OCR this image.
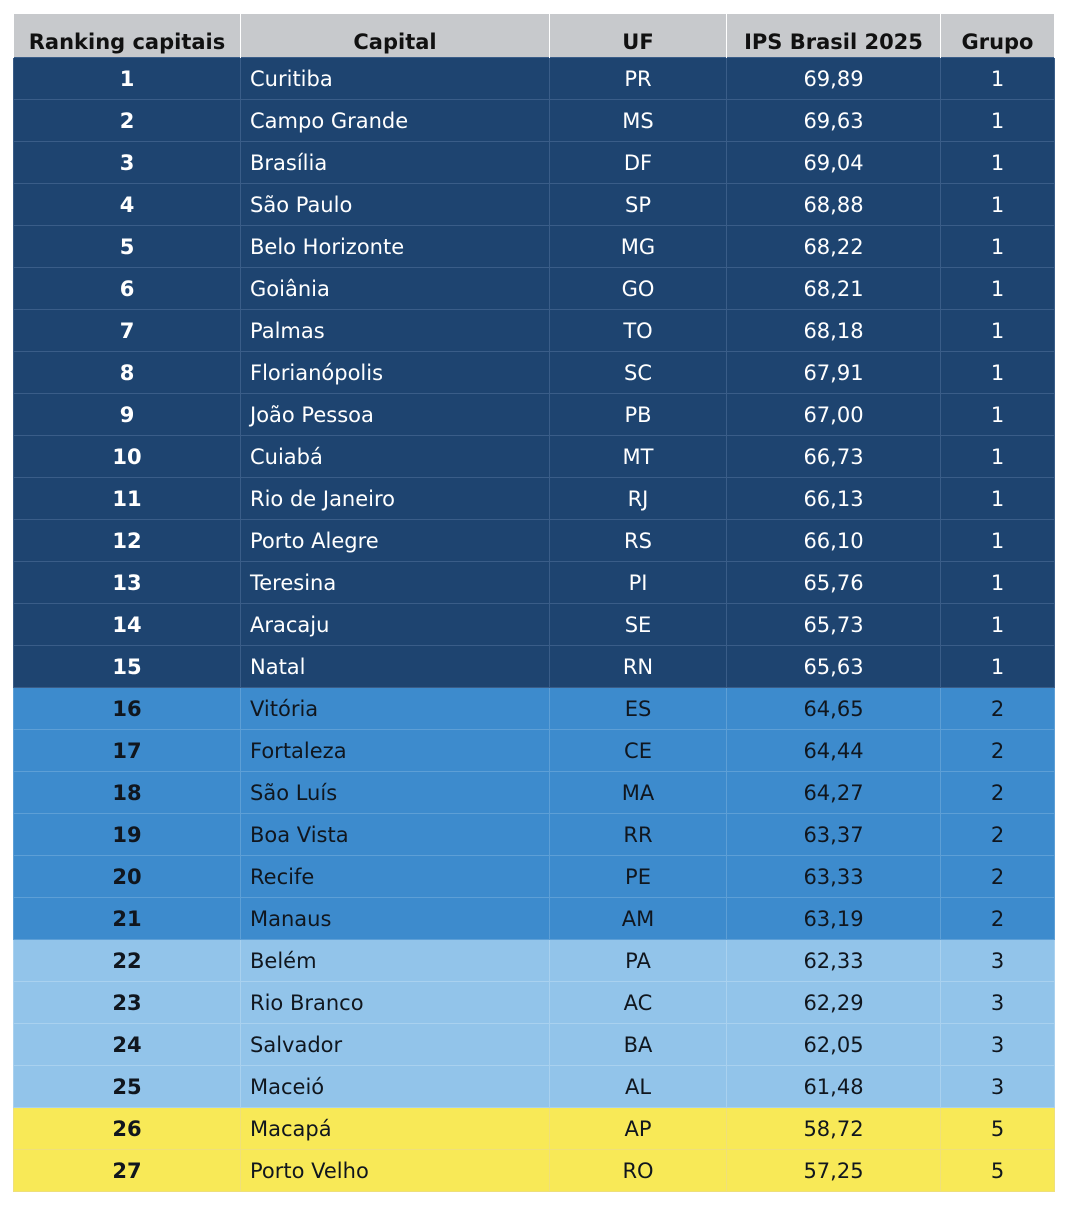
Ranking capitais	Capital	UF	IPS Brasil 2025	Grupo
1	Curitiba	PR	69,89	1
2	Campo Grande	MS	69,63	1
3	Brasília	DF	69,04	1
4	São Paulo	SP	68,88	1
5	Belo Horizonte	MG	68,22	1
6	Goiânia	GO	68,21	1
7	Palmas	TO	68,18	1
8	Florianópolis	SC	67,91	1
9	João Pessoa	PB	67,00	1
10	Cuiabá	MT	66,73	1
11	Rio de Janeiro	RJ	66,13	1
12	Porto Alegre	RS	66,10	1
13	Teresina	PI	65,76	1
14	Aracaju	SE	65,73	1
15	Natal	RN	65,63	1
16	Vitória	ES	64,65	2
17	Fortaleza	CE	64,44	2
18	São Luís	MA	64,27	2
19	Boa Vista	RR	63,37	2
20	Recife	PE	63,33	2
21	Manaus	AM	63,19	2
22	Belém	PA	62,33	3
23	Rio Branco	AC	62,29	3
24	Salvador	BA	62,05	3
25	Maceió	AL	61,48	3
26	Macapá	AP	58,72	5
27	Porto Velho	RO	57,25	5
